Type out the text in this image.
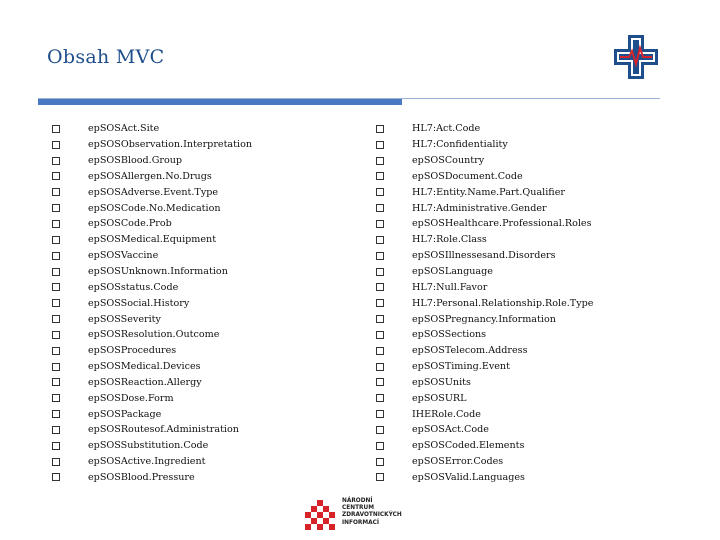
Obsah MVC
epSOSAct.Site
epSOSObservation.Interpretation
epSOSBlood.Group
epSOSAllergen.No.Drugs
epSOSAdverse.Event.Type
epSOSCode.No.Medication
epSOSCode.Prob
epSOSMedical.Equipment
epSOSVaccine
epSOSUnknown.Information
epSOSstatus.Code
epSOSSocial.History
epSOSSeverity
epSOSResolution.Outcome
epSOSProcedures
epSOSMedical.Devices
epSOSReaction.Allergy
epSOSDose.Form
epSOSPackage
epSOSRoutesof.Administration
epSOSSubstitution.Code
epSOSActive.Ingredient
epSOSBlood.Pressure
HL7:Act.Code
HL7:Confidentiality
epSOSCountry
epSOSDocument.Code
HL7:Entity.Name.Part.Qualifier
HL7:Administrative.Gender
epSOSHealthcare.Professional.Roles
HL7:Role.Class
epSOSIllnessesand.Disorders
epSOSLanguage
HL7:Null.Favor
HL7:Personal.Relationship.Role.Type
epSOSPregnancy.Information
epSOSSections
epSOSTelecom.Address
epSOSTiming.Event
epSOSUnits
epSOSURL
IHERole.Code
epSOSAct.Code
epSOSCoded.Elements
epSOSError.Codes
epSOSValid.Languages
NÁRODNÍ
CENTRUM
ZDRAVOTNICKÝCH
INFORMACÍ
